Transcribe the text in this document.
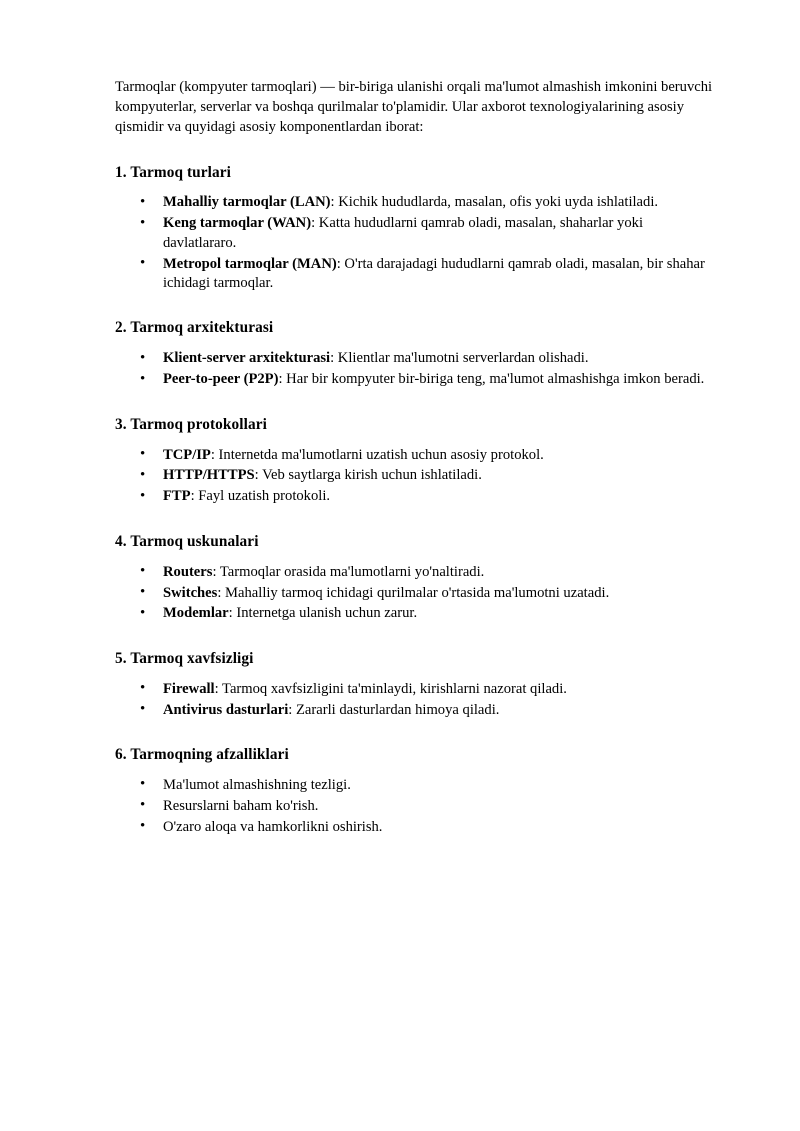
Tarmoqlar (kompyuter tarmoqlari) — bir-biriga ulanishi orqali ma'lumot almashish imkonini beruvchi kompyuterlar, serverlar va boshqa qurilmalar to'plamidir. Ular axborot texnologiyalarining asosiy qismidir va quyidagi asosiy komponentlardan iborat:

1. Tarmoq turlari
• Mahalliy tarmoqlar (LAN): Kichik hududlarda, masalan, ofis yoki uyda ishlatiladi.
• Keng tarmoqlar (WAN): Katta hududlarni qamrab oladi, masalan, shaharlar yoki davlatlararo.
• Metropol tarmoqlar (MAN): O'rta darajadagi hududlarni qamrab oladi, masalan, bir shahar ichidagi tarmoqlar.
2. Tarmoq arxitekturasi
• Klient-server arxitekturasi: Klientlar ma'lumotni serverlardan olishadi.
• Peer-to-peer (P2P): Har bir kompyuter bir-biriga teng, ma'lumot almashishga imkon beradi.
3. Tarmoq protokollari
• TCP/IP: Internetda ma'lumotlarni uzatish uchun asosiy protokol.
• HTTP/HTTPS: Veb saytlarga kirish uchun ishlatiladi.
• FTP: Fayl uzatish protokoli.
4. Tarmoq uskunalari
• Routers: Tarmoqlar orasida ma'lumotlarni yo'naltiradi.
• Switches: Mahalliy tarmoq ichidagi qurilmalar o'rtasida ma'lumotni uzatadi.
• Modemlar: Internetga ulanish uchun zarur.
5. Tarmoq xavfsizligi
• Firewall: Tarmoq xavfsizligini ta'minlaydi, kirishlarni nazorat qiladi.
• Antivirus dasturlari: Zararli dasturlardan himoya qiladi.
6. Tarmoqning afzalliklari
• Ma'lumot almashishning tezligi.
• Resurslarni baham ko'rish.
• O'zaro aloqa va hamkorlikni oshirish.
